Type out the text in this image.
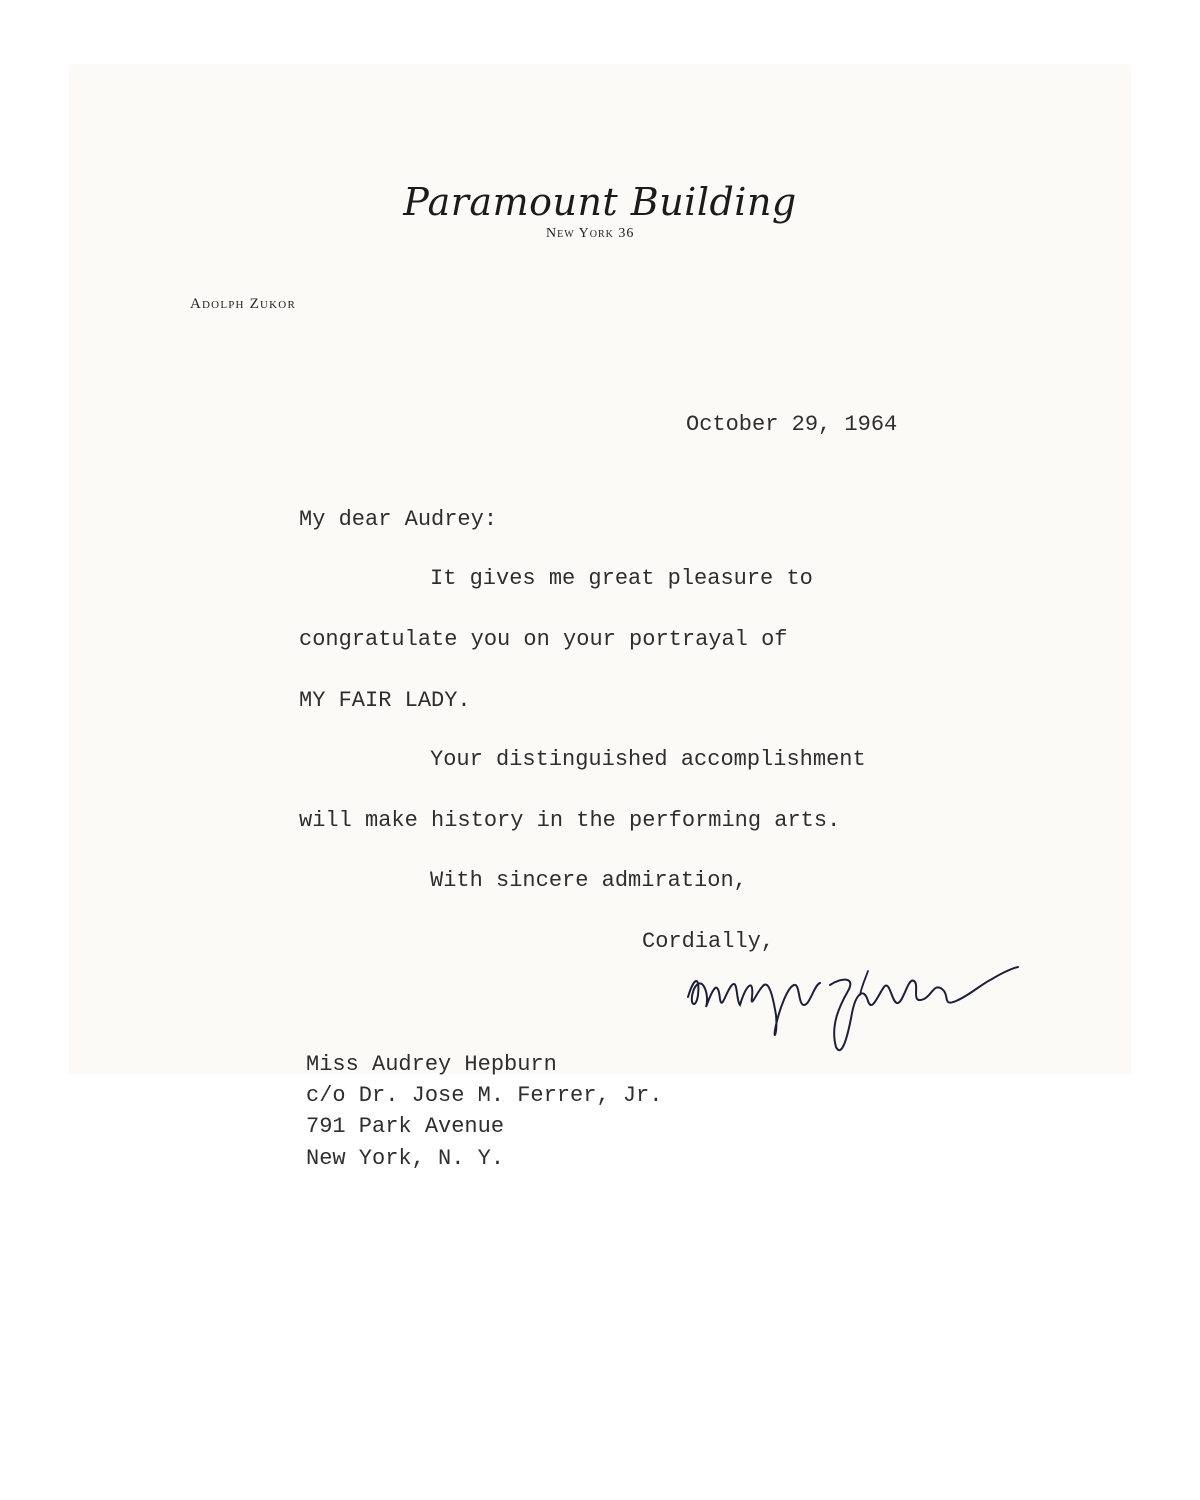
Paramount Building
New York 36
Adolph Zukor
October 29, 1964
My dear Audrey:
It gives me great pleasure to
congratulate you on your portrayal of
MY FAIR LADY.
Your distinguished accomplishment
will make history in the performing arts.
With sincere admiration,
Cordially,
Miss Audrey Hepburn
c/o Dr. Jose M. Ferrer, Jr.
791 Park Avenue
New York, N. Y.
